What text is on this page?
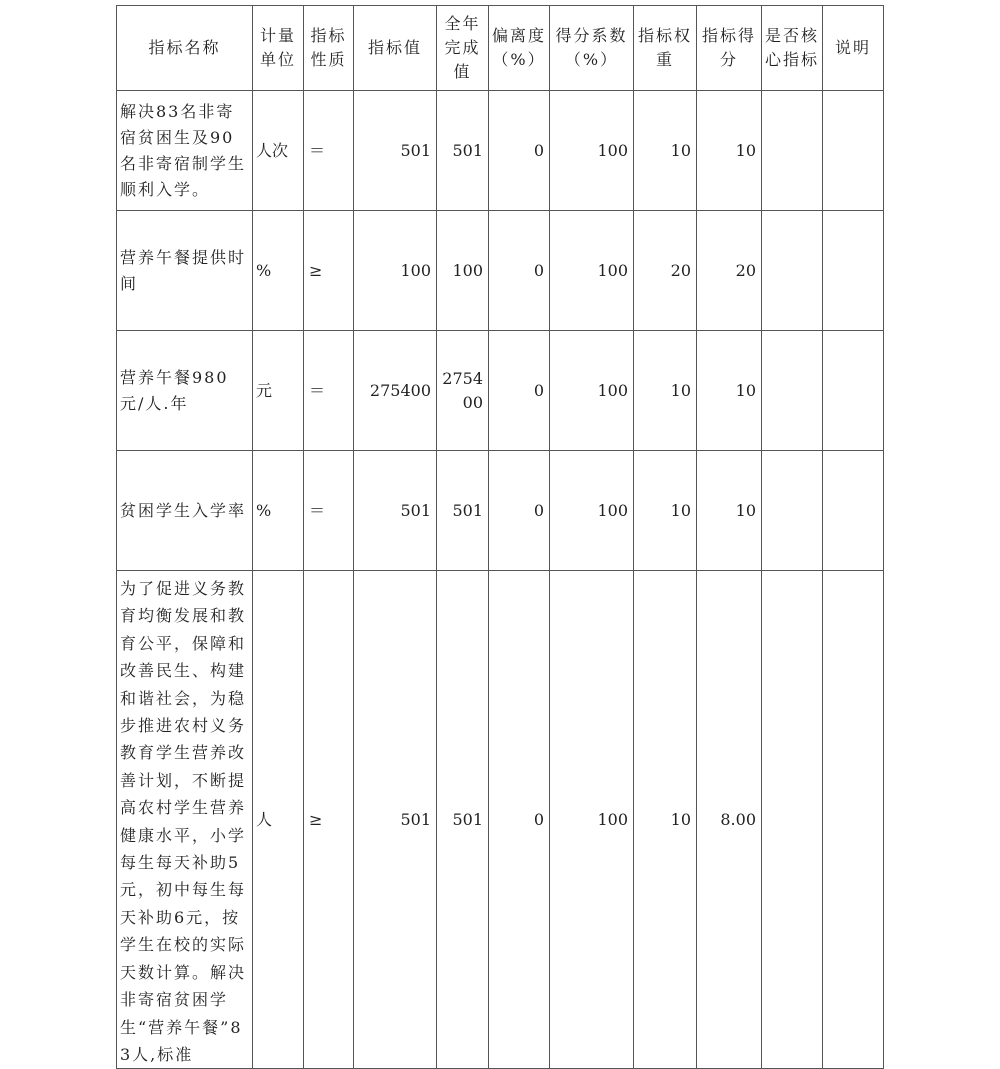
指标名称	计量单位	指标性质	指标值	全年完成值	偏离度（%）	得分系数（%）	指标权重	指标得分	是否核心指标	说明
解决83名非寄宿贫困生及90名非寄宿制学生顺利入学。	人次	＝	501	501	0	100	10	10		
营养午餐提供时间	%	≥	100	100	0	100	20	20		
营养午餐980元/人.年	元	＝	275400	275400	0	100	10	10		
贫困学生入学率	%	＝	501	501	0	100	10	10		
为了促进义务教育均衡发展和教育公平，保障和改善民生、构建和谐社会，为稳步推进农村义务教育学生营养改善计划，不断提高农村学生营养健康水平，小学每生每天补助5元，初中每生每天补助6元，按学生在校的实际天数计算。解决非寄宿贫困学生“营养午餐”83人,标准	人	≥	501	501	0	100	10	8.00		
